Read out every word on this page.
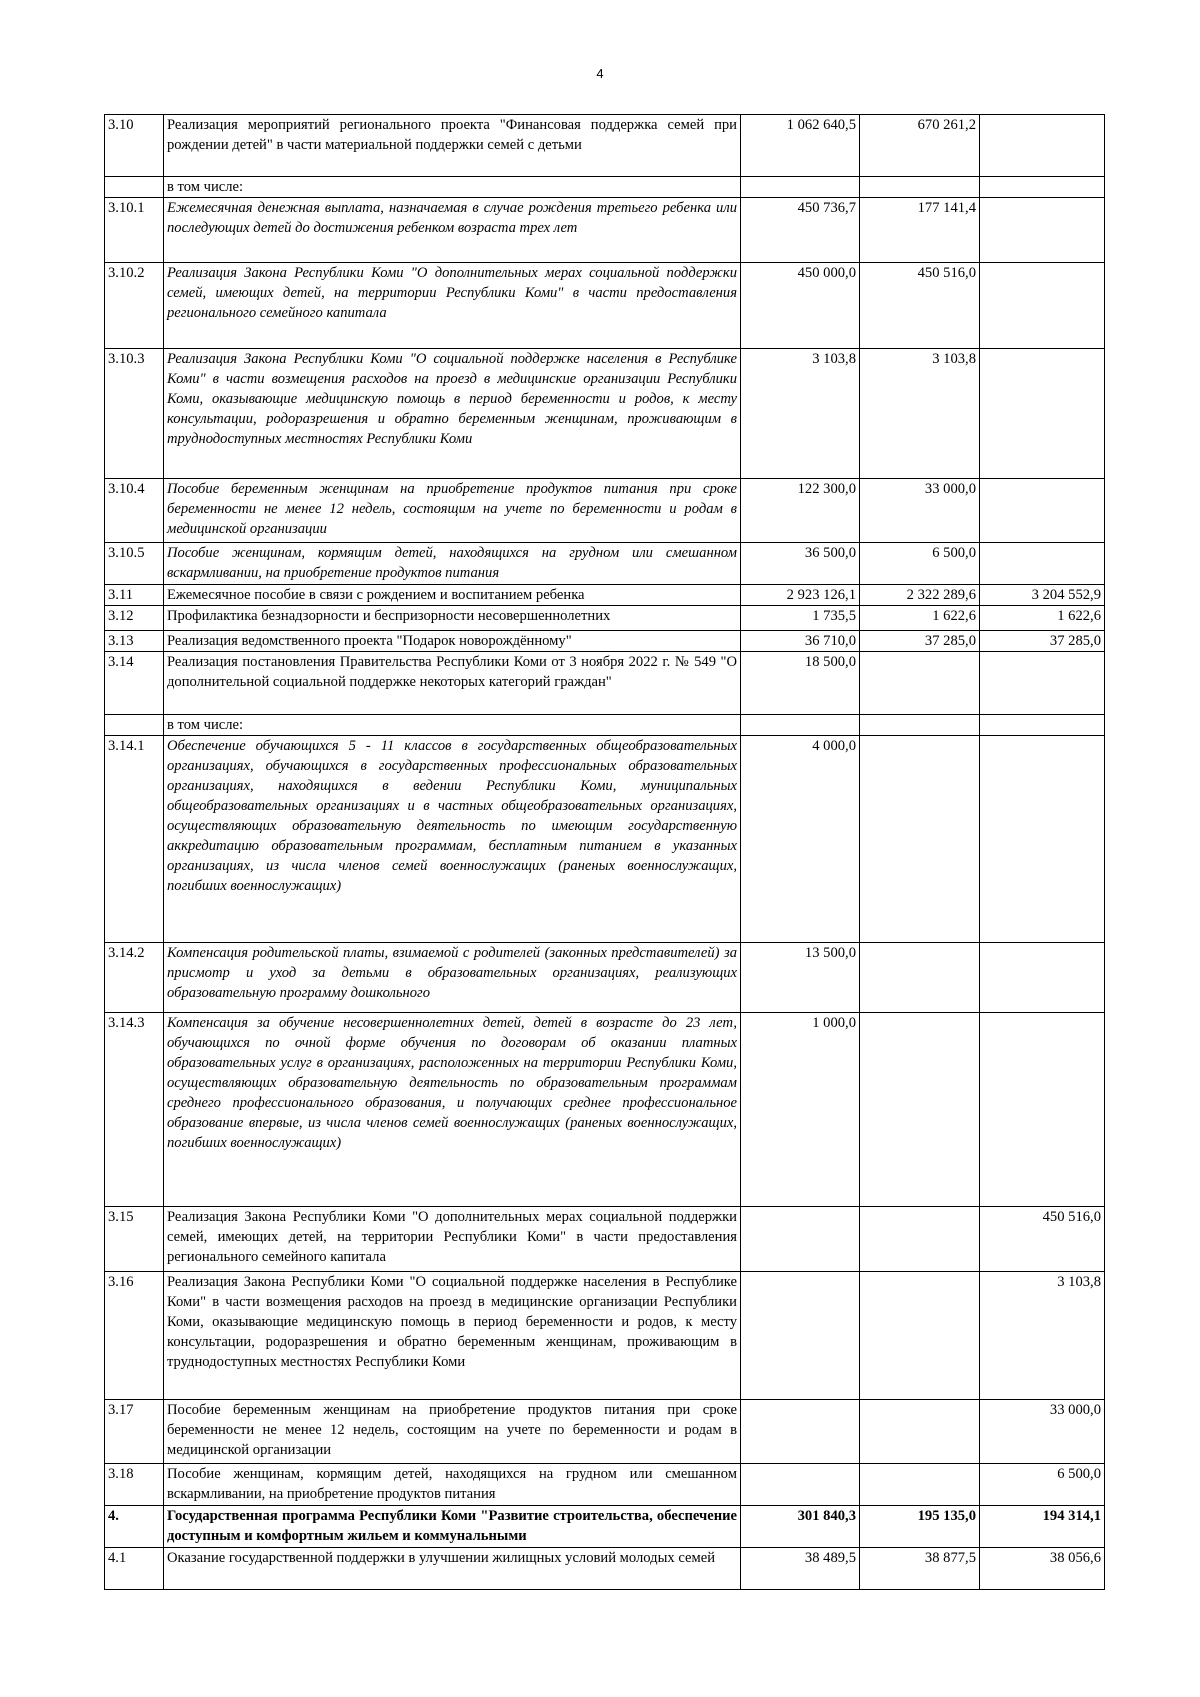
4
3.10	Реализация мероприятий регионального проекта "Финансовая поддержка семей при рождении детей" в части материальной поддержки семей с детьми	1 062 640,5	670 261,2	
	в том числе:			
3.10.1	Ежемесячная денежная выплата, назначаемая в случае рождения третьего ребенка или последующих детей до достижения ребенком возраста трех лет	450 736,7	177 141,4	
3.10.2	Реализация Закона Республики Коми "О дополнительных мерах социальной поддержки семей, имеющих детей, на территории Республики Коми" в части предоставления регионального семейного капитала	450 000,0	450 516,0	
3.10.3	Реализация Закона Республики Коми "О социальной поддержке населения в Республике Коми" в части возмещения расходов на проезд в медицинские организации Республики Коми, оказывающие медицинскую помощь в период беременности и родов, к месту консультации, родоразрешения и обратно беременным женщинам, проживающим в труднодоступных местностях Республики Коми	3 103,8	3 103,8	
3.10.4	Пособие беременным женщинам на приобретение продуктов питания при сроке беременности не менее 12 недель, состоящим на учете по беременности и родам в медицинской организации	122 300,0	33 000,0	
3.10.5	Пособие женщинам, кормящим детей, находящихся на грудном или смешанном вскармливании, на приобретение продуктов питания	36 500,0	6 500,0	
3.11	Ежемесячное пособие в связи с рождением и воспитанием ребенка	2 923 126,1	2 322 289,6	3 204 552,9
3.12	Профилактика безнадзорности и беспризорности несовершеннолетних	1 735,5	1 622,6	1 622,6
3.13	Реализация ведомственного проекта "Подарок новорождённому"	36 710,0	37 285,0	37 285,0
3.14	Реализация постановления Правительства Республики Коми от 3 ноября 2022 г. № 549 "О дополнительной социальной поддержке некоторых категорий граждан"	18 500,0		
	в том числе:			
3.14.1	Обеспечение обучающихся 5 - 11 классов в государственных общеобразовательных организациях, обучающихся в государственных профессиональных образовательных организациях, находящихся в ведении Республики Коми, муниципальных общеобразовательных организациях и в частных общеобразовательных организациях, осуществляющих образовательную деятельность по имеющим государственную аккредитацию образовательным программам, бесплатным питанием в указанных организациях, из числа членов семей военнослужащих (раненых военнослужащих, погибших военнослужащих)	4 000,0		
3.14.2	Компенсация родительской платы, взимаемой с родителей (законных представителей) за присмотр и уход за детьми в образовательных организациях, реализующих образовательную программу дошкольного	13 500,0		
3.14.3	Компенсация за обучение несовершеннолетних детей, детей в возрасте до 23 лет, обучающихся по очной форме обучения по договорам об оказании платных образовательных услуг в организациях, расположенных на территории Республики Коми, осуществляющих образовательную деятельность по образовательным программам среднего профессионального образования, и получающих среднее профессиональное образование впервые, из числа членов семей военнослужащих (раненых военнослужащих, погибших военнослужащих)	1 000,0		
3.15	Реализация Закона Республики Коми "О дополнительных мерах социальной поддержки семей, имеющих детей, на территории Республики Коми" в части предоставления регионального семейного капитала			450 516,0
3.16	Реализация Закона Республики Коми "О социальной поддержке населения в Республике Коми" в части возмещения расходов на проезд в медицинские организации Республики Коми, оказывающие медицинскую помощь в период беременности и родов, к месту консультации, родоразрешения и обратно беременным женщинам, проживающим в труднодоступных местностях Республики Коми			3 103,8
3.17	Пособие беременным женщинам на приобретение продуктов питания при сроке беременности не менее 12 недель, состоящим на учете по беременности и родам в медицинской организации			33 000,0
3.18	Пособие женщинам, кормящим детей, находящихся на грудном или смешанном вскармливании, на приобретение продуктов питания			6 500,0
4.	Государственная программа Республики Коми "Развитие строительства, обеспечение доступным и комфортным жильем и коммунальными	301 840,3	195 135,0	194 314,1
4.1	Оказание государственной поддержки в улучшении жилищных условий молодых семей	38 489,5	38 877,5	38 056,6
